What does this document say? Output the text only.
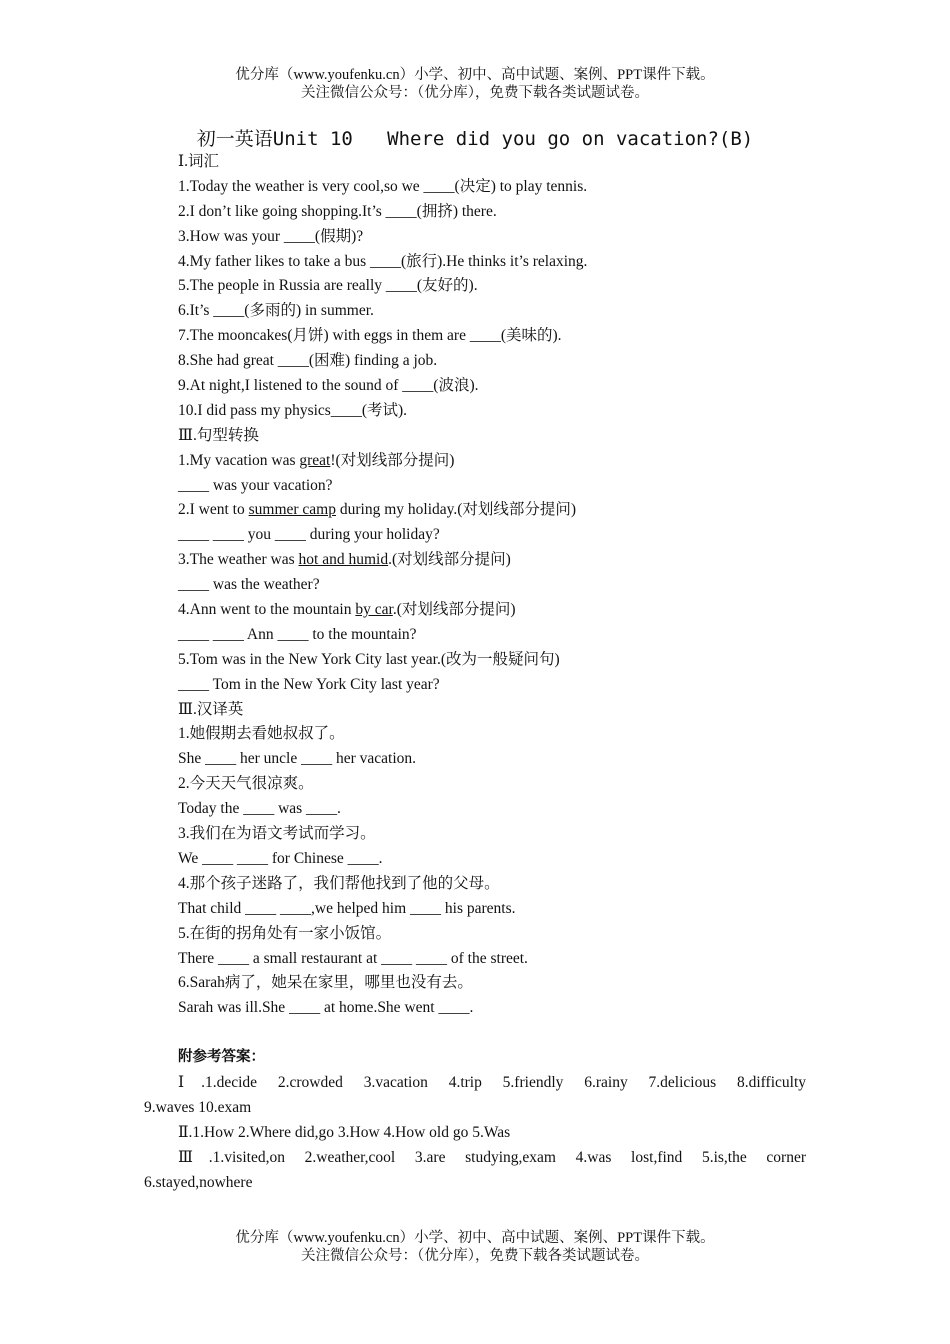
优分库（www.youfenku.cn）小学、初中、高中试题、案例、PPT课件下载。
关注微信公众号：（优分库），免费下载各类试题试卷。
初一英语Unit 10   Where did you go on vacation?(B)
Ⅰ.词汇
1.Today the weather is very cool,so we ____(决定) to play tennis.
2.I don’t like going shopping.It’s ____(拥挤) there.
3.How was your ____(假期)?
4.My father likes to take a bus ____(旅行).He thinks it’s relaxing.
5.The people in Russia are really ____(友好的).
6.It’s ____(多雨的) in summer.
7.The mooncakes(月饼) with eggs in them are ____(美味的).
8.She had great ____(困难) finding a job.
9.At night,I listened to the sound of ____(波浪).
10.I did pass my physics____(考试).
Ⅲ.句型转换
1.My vacation was great!(对划线部分提问)
____ was your vacation?
2.I went to summer camp during my holiday.(对划线部分提问)
____ ____ you ____ during your holiday?
3.The weather was hot and humid.(对划线部分提问)
____ was the weather?
4.Ann went to the mountain by car.(对划线部分提问)
____ ____ Ann ____ to the mountain?
5.Tom was in the New York City last year.(改为一般疑问句)
____ Tom in the New York City last year?
Ⅲ.汉译英
1.她假期去看她叔叔了。
She ____ her uncle ____ her vacation.
2.今天天气很凉爽。
Today the ____ was ____.
3.我们在为语文考试而学习。
We ____ ____ for Chinese ____.
4.那个孩子迷路了，我们帮他找到了他的父母。
That child ____ ____,we helped him ____ his parents.
5.在街的拐角处有一家小饭馆。
There ____ a small restaurant at ____ ____ of the street.
6.Sarah病了，她呆在家里，哪里也没有去。
Sarah was ill.She ____ at home.She went ____.
附参考答案：
Ⅰ.1.decide 2.crowded 3.vacation 4.trip 5.friendly 6.rainy 7.delicious 8.difficulty
9.waves 10.exam
Ⅱ.1.How 2.Where did,go 3.How 4.How old go 5.Was
Ⅲ.1.visited,on 2.weather,cool 3.are studying,exam 4.was lost,find 5.is,the corner
6.stayed,nowhere
优分库（www.youfenku.cn）小学、初中、高中试题、案例、PPT课件下载。
关注微信公众号：（优分库），免费下载各类试题试卷。
